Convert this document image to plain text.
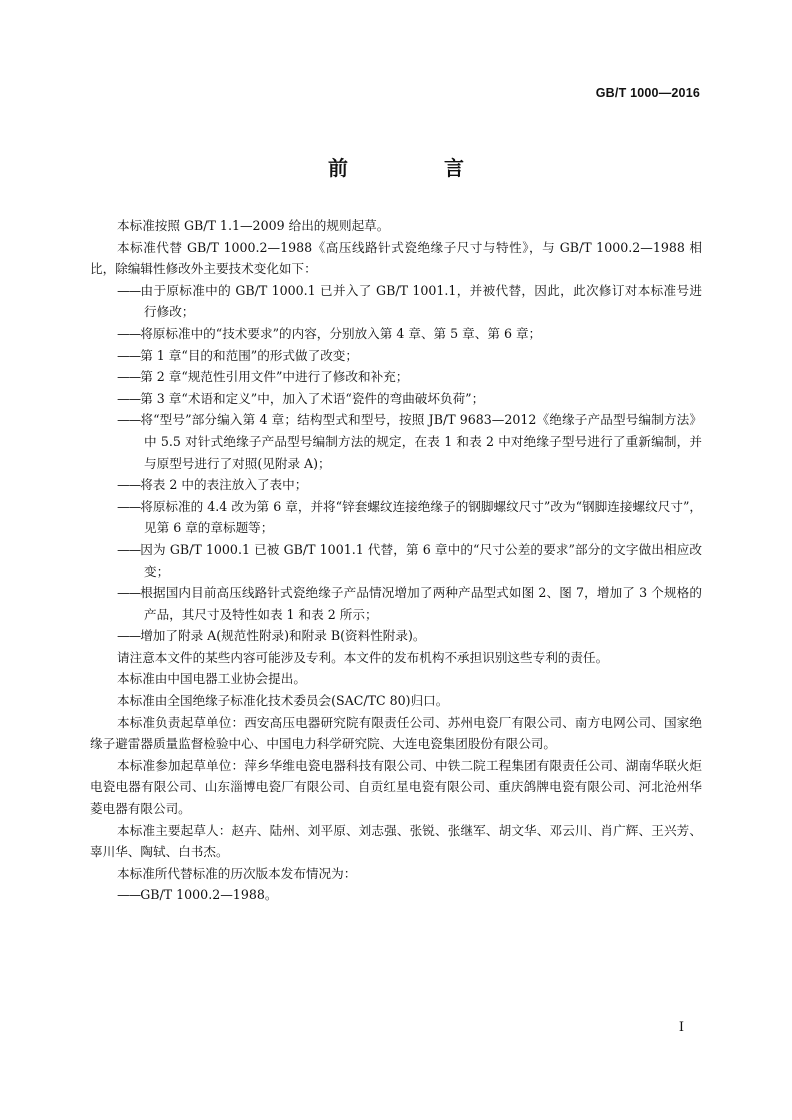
GB/T 1000—2016
前　言

本标准按照 GB/T 1.1—2009 给出的规则起草。

本标准代替 GB/T 1000.2—1988《高压线路针式瓷绝缘子尺寸与特性》，与 GB/T 1000.2—1988 相比，除编辑性修改外主要技术变化如下：

——由于原标准中的 GB/T 1000.1 已并入了 GB/T 1001.1，并被代替，因此，此次修订对本标准号进行修改；

——将原标准中的“技术要求”的内容，分别放入第 4 章、第 5 章、第 6 章；

——第 1 章“目的和范围”的形式做了改变；

——第 2 章“规范性引用文件”中进行了修改和补充；

——第 3 章“术语和定义”中，加入了术语“瓷件的弯曲破坏负荷”；

——将“型号”部分编入第 4 章；结构型式和型号，按照 JB/T 9683—2012《绝缘子产品型号编制方法》中 5.5 对针式绝缘子产品型号编制方法的规定，在表 1 和表 2 中对绝缘子型号进行了重新编制，并与原型号进行了对照(见附录 A)；

——将表 2 中的表注放入了表中；

——将原标准的 4.4 改为第 6 章，并将“锌套螺纹连接绝缘子的钢脚螺纹尺寸”改为“钢脚连接螺纹尺寸”，见第 6 章的章标题等；

——因为 GB/T 1000.1 已被 GB/T 1001.1 代替，第 6 章中的“尺寸公差的要求”部分的文字做出相应改变；

——根据国内目前高压线路针式瓷绝缘子产品情况增加了两种产品型式如图 2、图 7，增加了 3 个规格的产品，其尺寸及特性如表 1 和表 2 所示；

——增加了附录 A(规范性附录)和附录 B(资料性附录)。

请注意本文件的某些内容可能涉及专利。本文件的发布机构不承担识别这些专利的责任。

本标准由中国电器工业协会提出。

本标准由全国绝缘子标准化技术委员会(SAC/TC 80)归口。

本标准负责起草单位：西安高压电器研究院有限责任公司、苏州电瓷厂有限公司、南方电网公司、国家绝缘子避雷器质量监督检验中心、中国电力科学研究院、大连电瓷集团股份有限公司。

本标准参加起草单位：萍乡华维电瓷电器科技有限公司、中铁二院工程集团有限责任公司、湖南华联火炬电瓷电器有限公司、山东淄博电瓷厂有限公司、自贡红星电瓷有限公司、重庆鸽牌电瓷有限公司、河北沧州华菱电器有限公司。

本标准主要起草人：赵卉、陆州、刘平原、刘志强、张锐、张继军、胡文华、邓云川、肖广辉、王兴芳、辜川华、陶轼、白书杰。

本标准所代替标准的历次版本发布情况为：

——GB/T 1000.2—1988。

I
